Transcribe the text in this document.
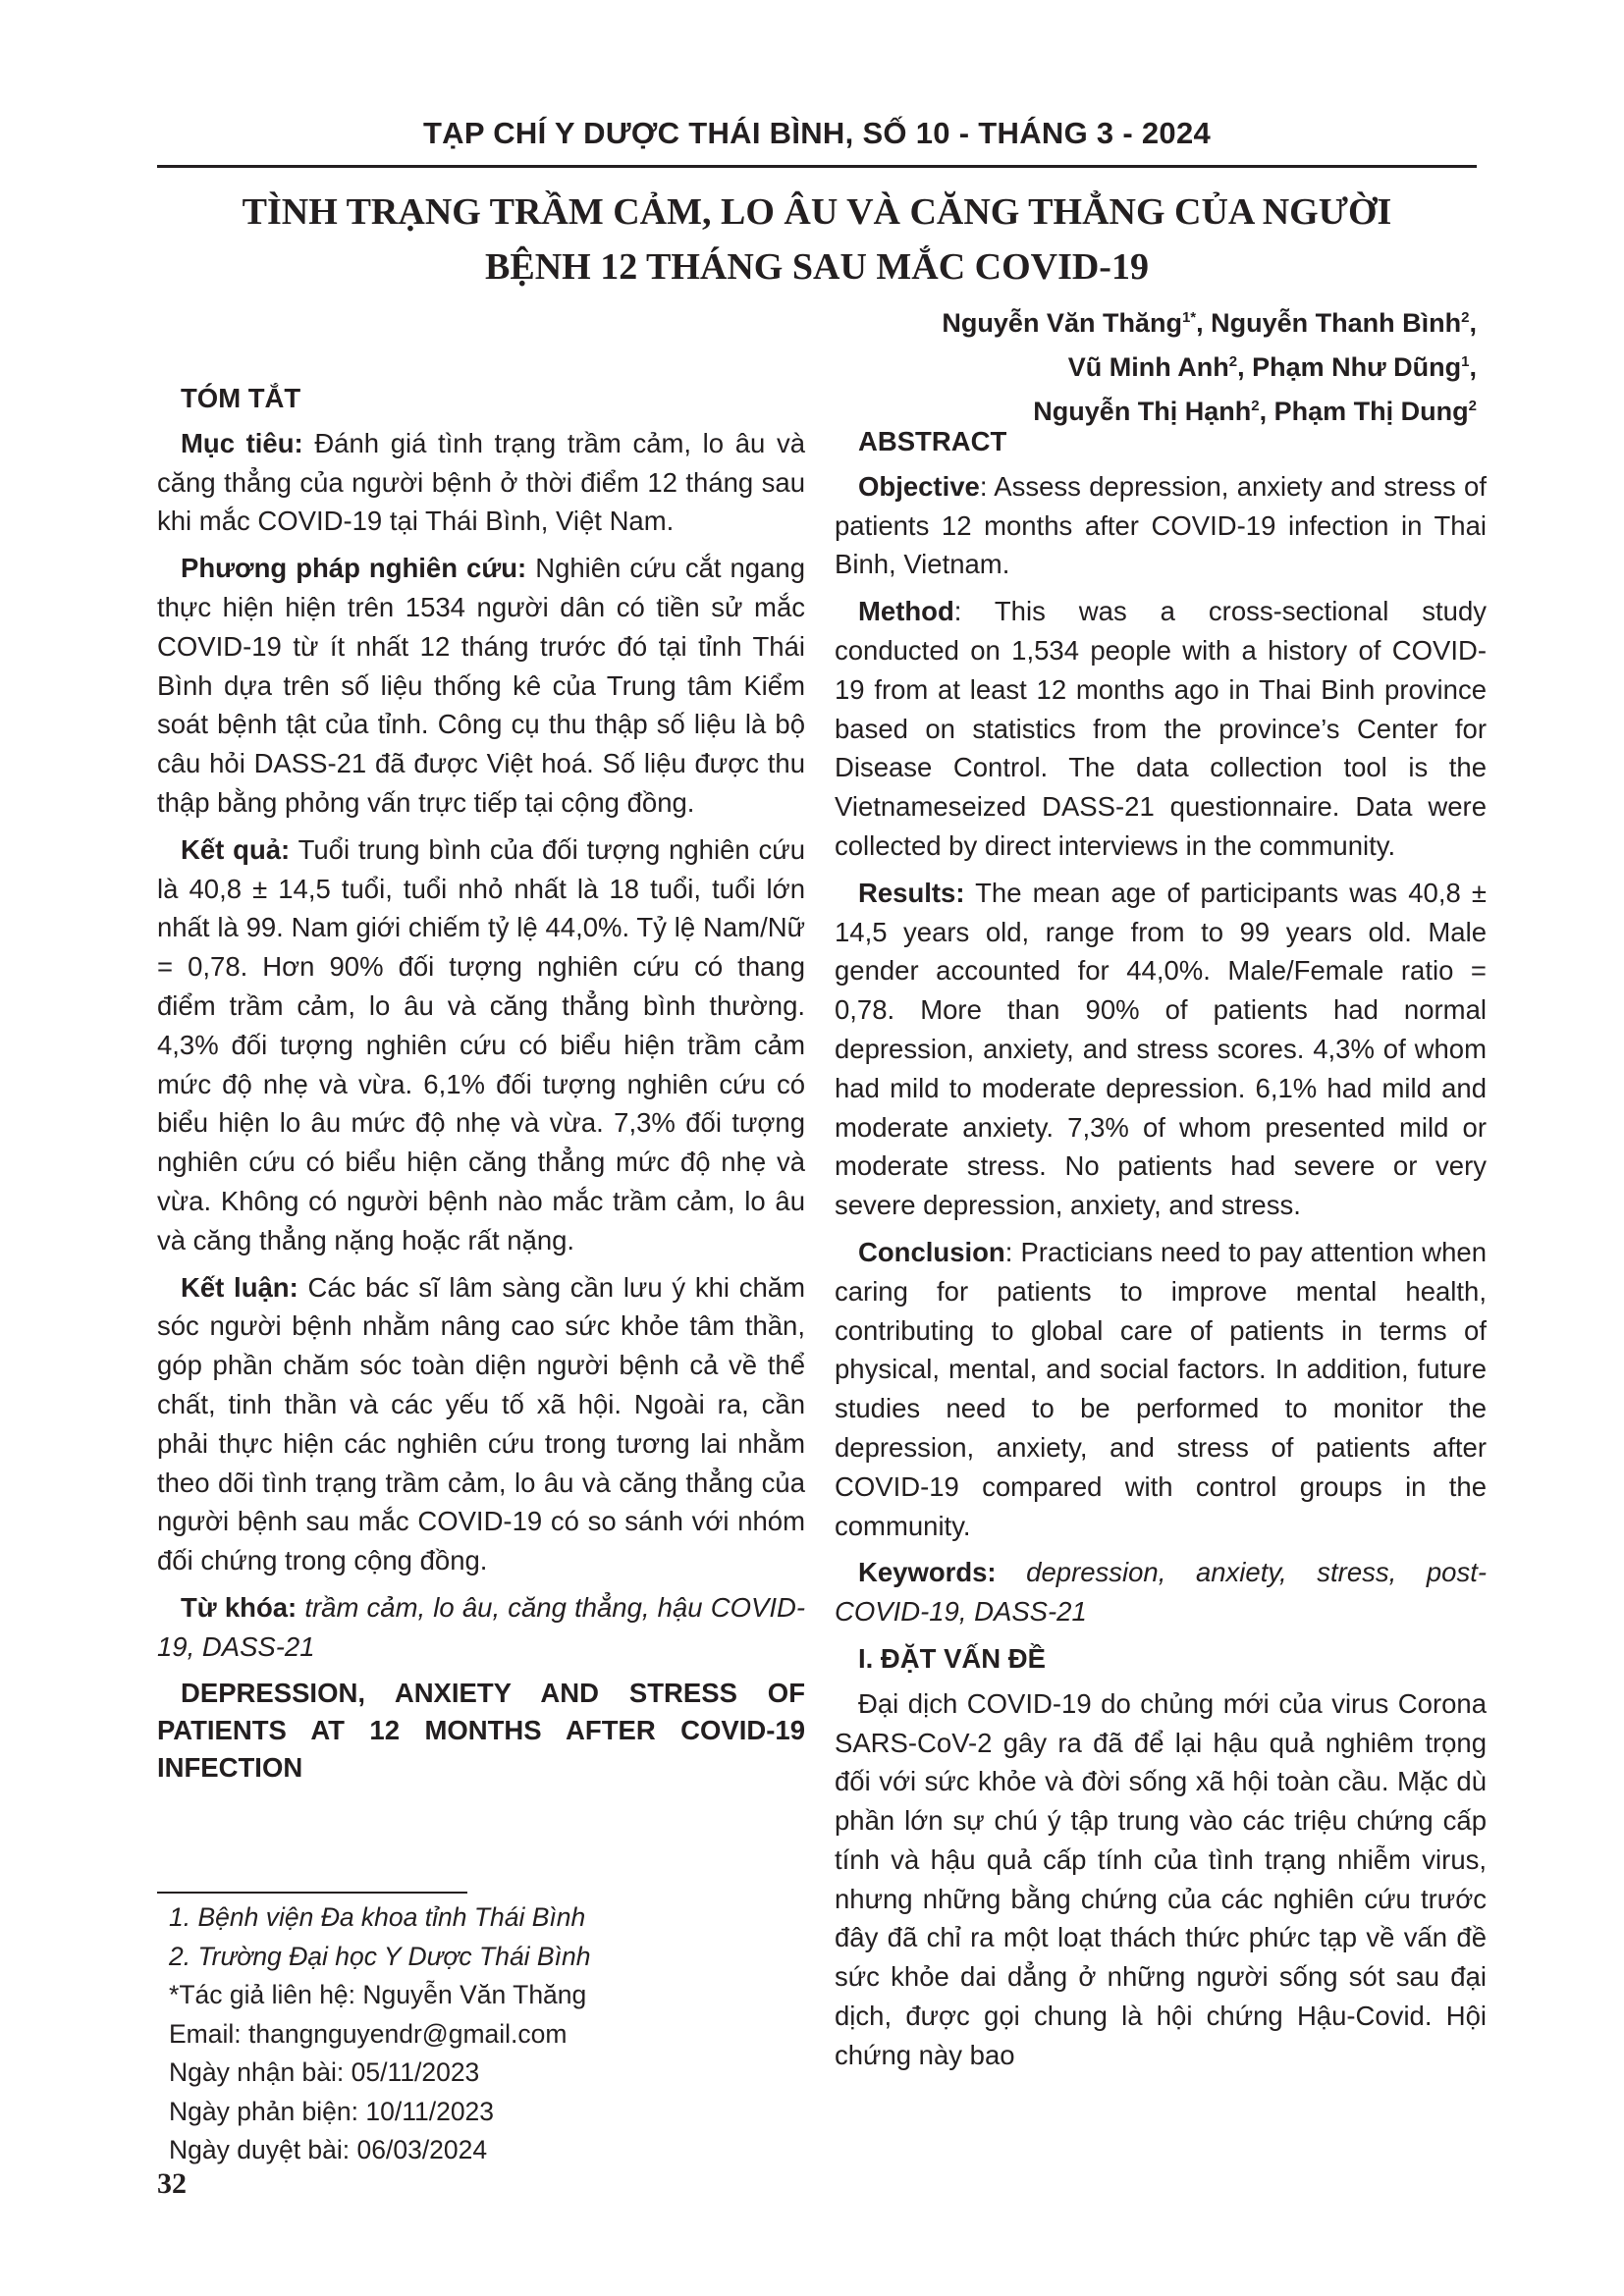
TẠP CHÍ Y DƯỢC THÁI BÌNH, SỐ 10 - THÁNG 3 - 2024
TÌNH TRẠNG TRẦM CẢM, LO ÂU VÀ CĂNG THẲNG CỦA NGƯỜI
BỆNH 12 THÁNG SAU MẮC COVID-19
Nguyễn Văn Thăng$^{1*}$, Nguyễn Thanh Bình$^2$,
Vũ Minh Anh$^2$, Phạm Như Dũng$^1$,
Nguyễn Thị Hạnh$^2$, Phạm Thị Dung$^2$
TÓM TẮT

Mục tiêu: Đánh giá tình trạng trầm cảm, lo âu và căng thẳng của người bệnh ở thời điểm 12 tháng sau khi mắc COVID-19 tại Thái Bình, Việt Nam.

Phương pháp nghiên cứu: Nghiên cứu cắt ngang thực hiện hiện trên 1534 người dân có tiền sử mắc COVID-19 từ ít nhất 12 tháng trước đó tại tỉnh Thái Bình dựa trên số liệu thống kê của Trung tâm Kiểm soát bệnh tật của tỉnh. Công cụ thu thập số liệu là bộ câu hỏi DASS-21 đã được Việt hoá. Số liệu được thu thập bằng phỏng vấn trực tiếp tại cộng đồng.

Kết quả: Tuổi trung bình của đối tượng nghiên cứu là 40,8 ± 14,5 tuổi, tuổi nhỏ nhất là 18 tuổi, tuổi lớn nhất là 99. Nam giới chiếm tỷ lệ 44,0%. Tỷ lệ Nam/Nữ = 0,78. Hơn 90% đối tượng nghiên cứu có thang điểm trầm cảm, lo âu và căng thẳng bình thường. 4,3% đối tượng nghiên cứu có biểu hiện trầm cảm mức độ nhẹ và vừa. 6,1% đối tượng nghiên cứu có biểu hiện lo âu mức độ nhẹ và vừa. 7,3% đối tượng nghiên cứu có biểu hiện căng thẳng mức độ nhẹ và vừa. Không có người bệnh nào mắc trầm cảm, lo âu và căng thẳng nặng hoặc rất nặng.

Kết luận: Các bác sĩ lâm sàng cần lưu ý khi chăm sóc người bệnh nhằm nâng cao sức khỏe tâm thần, góp phần chăm sóc toàn diện người bệnh cả về thể chất, tinh thần và các yếu tố xã hội. Ngoài ra, cần phải thực hiện các nghiên cứu trong tương lai nhằm theo dõi tình trạng trầm cảm, lo âu và căng thẳng của người bệnh sau mắc COVID-19 có so sánh với nhóm đối chứng trong cộng đồng.

Từ khóa: trầm cảm, lo âu, căng thẳng, hậu COVID-19, DASS-21

DEPRESSION, ANXIETY AND STRESS OF PATIENTS AT 12 MONTHS AFTER COVID-19 INFECTION
1. Bệnh viện Đa khoa tỉnh Thái Bình
2. Trường Đại học Y Dược Thái Bình
*Tác giả liên hệ: Nguyễn Văn Thăng
Email: thangnguyendr@gmail.com
Ngày nhận bài: 05/11/2023
Ngày phản biện: 10/11/2023
Ngày duyệt bài: 06/03/2024
ABSTRACT

Objective: Assess depression, anxiety and stress of patients 12 months after COVID-19 infection in Thai Binh, Vietnam.

Method: This was a cross-sectional study conducted on 1,534 people with a history of COVID-19 from at least 12 months ago in Thai Binh province based on statistics from the province’s Center for Disease Control. The data collection tool is the Vietnameseized DASS-21 questionnaire. Data were collected by direct interviews in the community.

Results: The mean age of participants was 40,8 ± 14,5 years old, range from to 99 years old. Male gender accounted for 44,0%. Male/Female ratio = 0,78. More than 90% of patients had normal depression, anxiety, and stress scores. 4,3% of whom had mild to moderate depression. 6,1% had mild and moderate anxiety. 7,3% of whom presented mild or moderate stress. No patients had severe or very severe depression, anxiety, and stress.

Conclusion: Practicians need to pay attention when caring for patients to improve mental health, contributing to global care of patients in terms of physical, mental, and social factors. In addition, future studies need to be performed to monitor the depression, anxiety, and stress of patients after COVID-19 compared with control groups in the community.

Keywords: depression, anxiety, stress, post-COVID-19, DASS-21

I. ĐẶT VẤN ĐỀ

Đại dịch COVID-19 do chủng mới của virus Corona SARS-CoV-2 gây ra đã để lại hậu quả nghiêm trọng đối với sức khỏe và đời sống xã hội toàn cầu. Mặc dù phần lớn sự chú ý tập trung vào các triệu chứng cấp tính và hậu quả cấp tính của tình trạng nhiễm virus, nhưng những bằng chứng của các nghiên cứu trước đây đã chỉ ra một loạt thách thức phức tạp về vấn đề sức khỏe dai dẳng ở những người sống sót sau đại dịch, được gọi chung là hội chứng Hậu-Covid. Hội chứng này bao

32
